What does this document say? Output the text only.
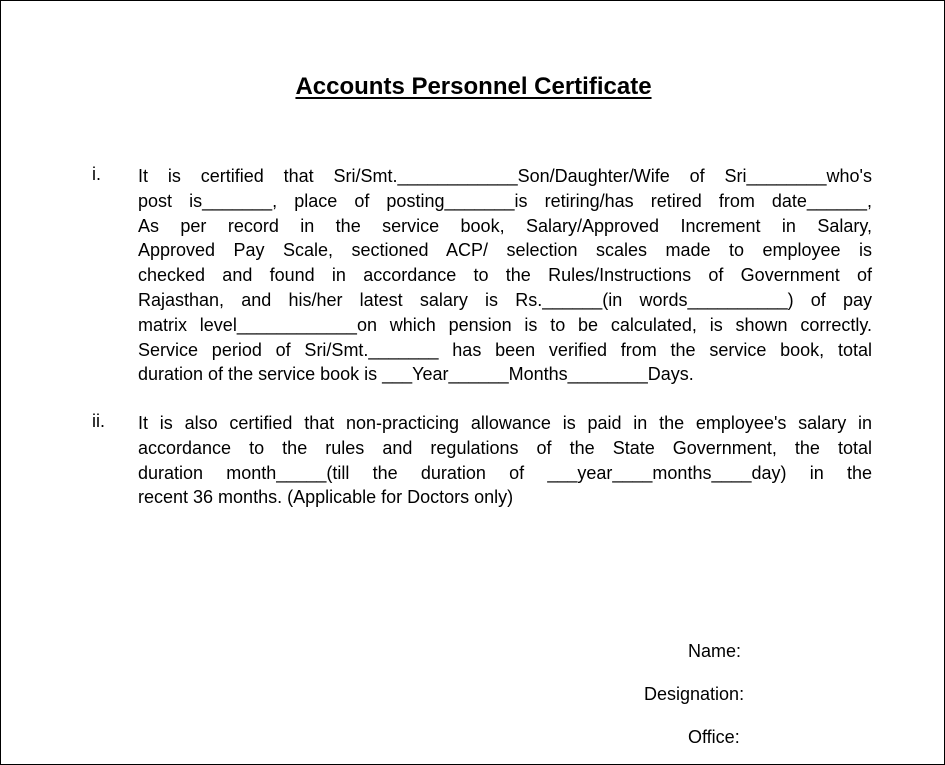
Accounts Personnel Certificate
i. It is certified that Sri/Smt.____________Son/Daughter/Wife of Sri________who's
post is_______, place of posting_______is retiring/has retired from date______,
As per record in the service book, Salary/Approved Increment in Salary,
Approved Pay Scale, sectioned ACP/ selection scales made to employee is
checked and found in accordance to the Rules/Instructions of Government of
Rajasthan, and his/her latest salary is Rs.______(in words__________) of pay
matrix level____________on which pension is to be calculated, is shown correctly.
Service period of Sri/Smt._______ has been verified from the service book, total
duration of the service book is ___Year______Months________Days.
ii. It is also certified that non-practicing allowance is paid in the employee's salary in
accordance to the rules and regulations of the State Government, the total
duration month_____(till the duration of ___year____months____day) in the
recent 36 months. (Applicable for Doctors only)
Name:
Designation:
Office:
